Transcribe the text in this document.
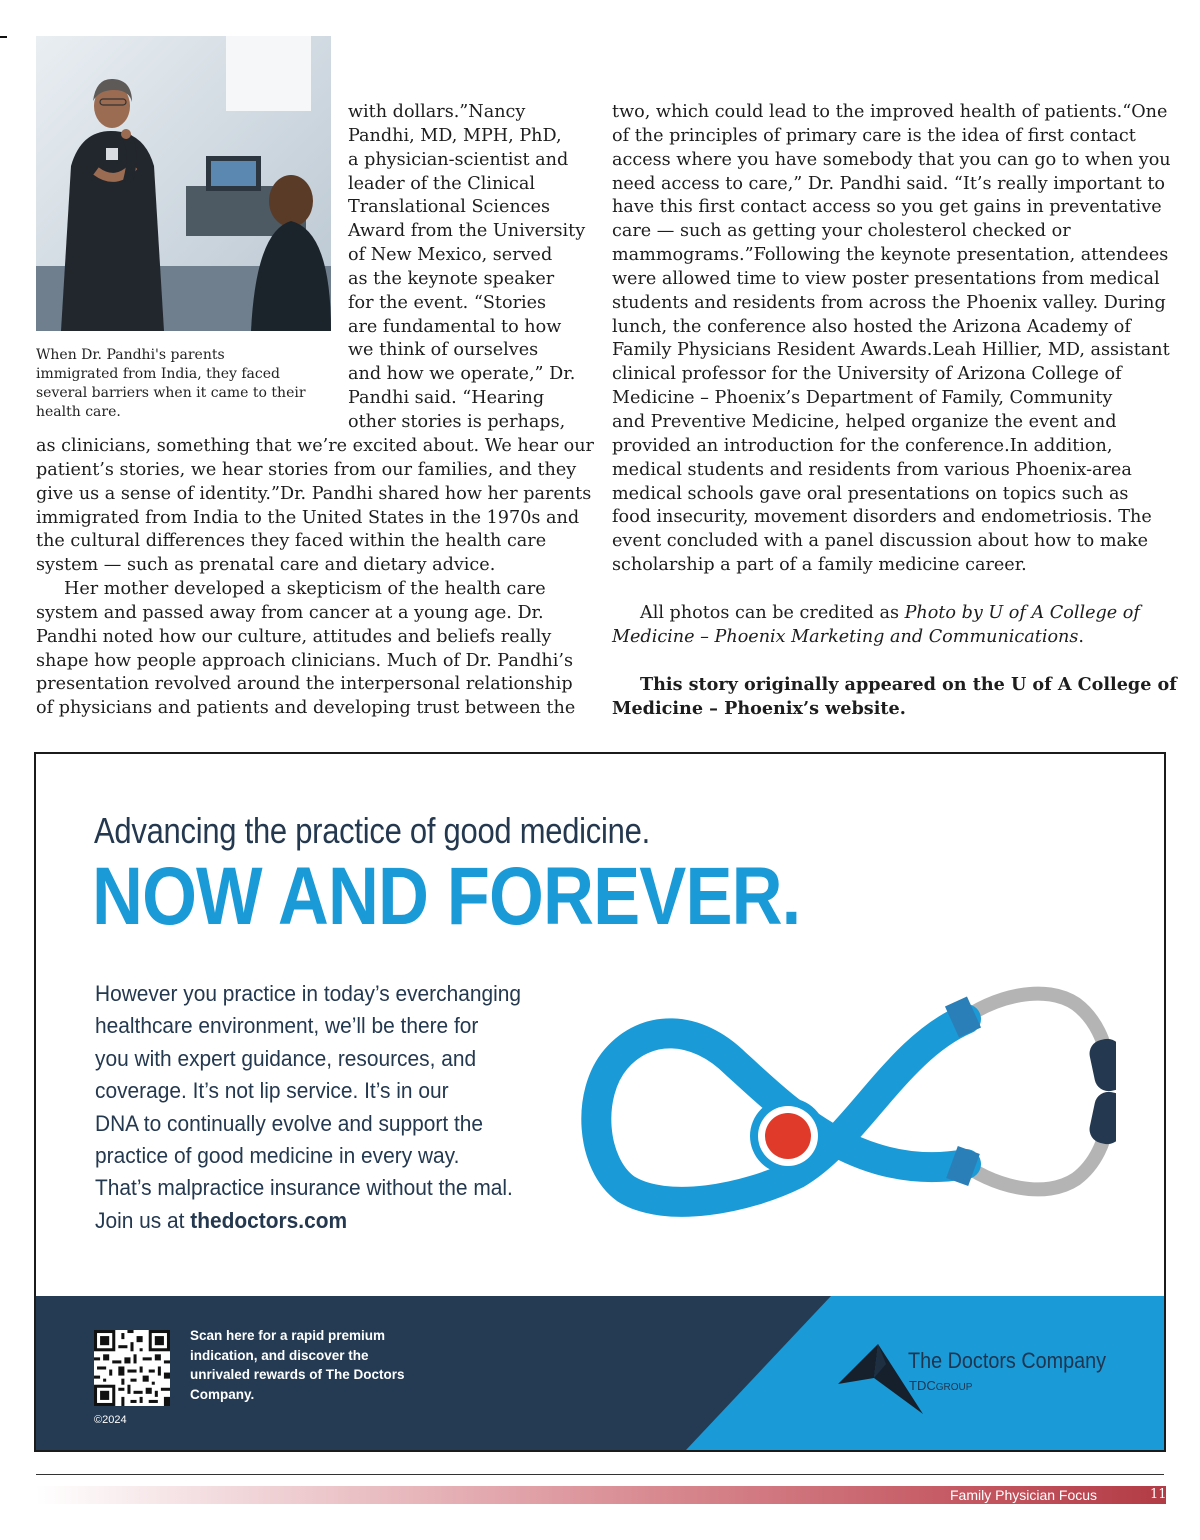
When Dr. Pandhi's parents immigrated from India, they faced several barriers when it came to their health care.
with dollars.”Nancy
Pandhi, MD, MPH, PhD,
a physician-scientist and
leader of the Clinical
Translational Sciences
Award from the University
of New Mexico, served
as the keynote speaker
for the event. “Stories
are fundamental to how
we think of ourselves
and how we operate,” Dr.
Pandhi said. “Hearing
other stories is perhaps,
as clinicians, something that we’re excited about. We hear our
patient’s stories, we hear stories from our families, and they
give us a sense of identity.”Dr. Pandhi shared how her parents
immigrated from India to the United States in the 1970s and
the cultural differences they faced within the health care
system — such as prenatal care and dietary advice.
Her mother developed a skepticism of the health care
system and passed away from cancer at a young age. Dr.
Pandhi noted how our culture, attitudes and beliefs really
shape how people approach clinicians. Much of Dr. Pandhi’s
presentation revolved around the interpersonal relationship
of physicians and patients and developing trust between the
two, which could lead to the improved health of patients.“One
of the principles of primary care is the idea of first contact
access where you have somebody that you can go to when you
need access to care,” Dr. Pandhi said. “It’s really important to
have this first contact access so you get gains in preventative
care — such as getting your cholesterol checked or
mammograms.”Following the keynote presentation, attendees
were allowed time to view poster presentations from medical
students and residents from across the Phoenix valley. During
lunch, the conference also hosted the Arizona Academy of
Family Physicians Resident Awards.Leah Hillier, MD, assistant
clinical professor for the University of Arizona College of
Medicine – Phoenix’s Department of Family, Community
and Preventive Medicine, helped organize the event and
provided an introduction for the conference.In addition,
medical students and residents from various Phoenix-area
medical schools gave oral presentations on topics such as
food insecurity, movement disorders and endometriosis. The
event concluded with a panel discussion about how to make
scholarship a part of a family medicine career.
All photos can be credited as Photo by U of A College of
Medicine – Phoenix Marketing and Communications.
This story originally appeared on the U of A College of
Medicine – Phoenix’s website.
Advancing the practice of good medicine.
NOW AND FOREVER.
However you practice in today’s everchanging
healthcare environment, we’ll be there for
you with expert guidance, resources, and
coverage. It’s not lip service. It’s in our
DNA to continually evolve and support the
practice of good medicine in every way.
That’s malpractice insurance without the mal.
Join us at thedoctors.com
Scan here for a rapid premium indication, and discover the unrivaled rewards of The Doctors Company.
©2024
The Doctors Company
TDCGROUP
Family Physician Focus	11
